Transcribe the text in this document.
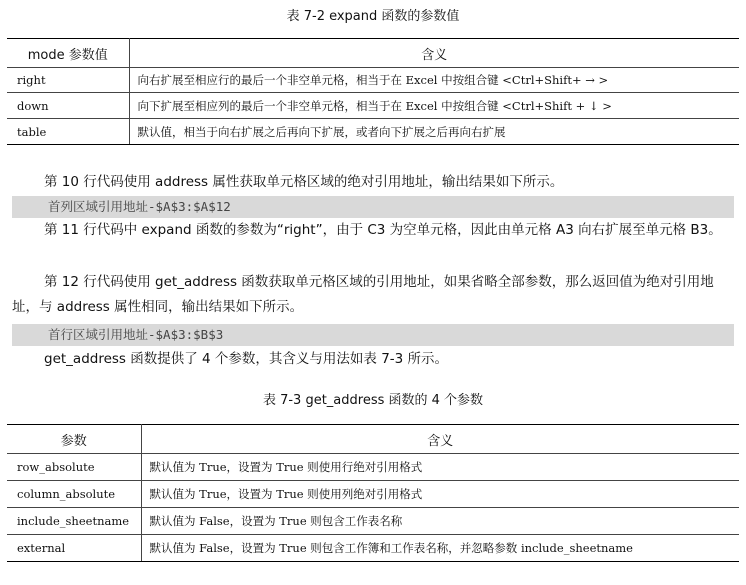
表 7-2 expand 函数的参数值
mode 参数值	含义
right	向右扩展至相应行的最后一个非空单元格，相当于在 Excel 中按组合键 <Ctrl+Shift+ → >
down	向下扩展至相应列的最后一个非空单元格，相当于在 Excel 中按组合键 <Ctrl+Shift + ↓ >
table	默认值，相当于向右扩展之后再向下扩展，或者向下扩展之后再向右扩展

第 10 行代码使用 address 属性获取单元格区域的绝对引用地址，输出结果如下所示。

首列区域引用地址-$A$3:$A$12

第 11 行代码中 expand 函数的参数为“right”，由于 C3 为空单元格，因此由单元格 A3 向右扩展至单元格 B3。

第 12 行代码使用 get_address 函数获取单元格区域的引用地址，如果省略全部参数，那么返回值为绝对引用地址，与 address 属性相同，输出结果如下所示。

首行区域引用地址-$A$3:$B$3

get_address 函数提供了 4 个参数，其含义与用法如表 7-3 所示。

表 7-3 get_address 函数的 4 个参数
参数	含义
row_absolute	默认值为 True，设置为 True 则使用行绝对引用格式
column_absolute	默认值为 True，设置为 True 则使用列绝对引用格式
include_sheetname	默认值为 False，设置为 True 则包含工作表名称
external	默认值为 False，设置为 True 则包含工作簿和工作表名称，并忽略参数 include_sheetname
